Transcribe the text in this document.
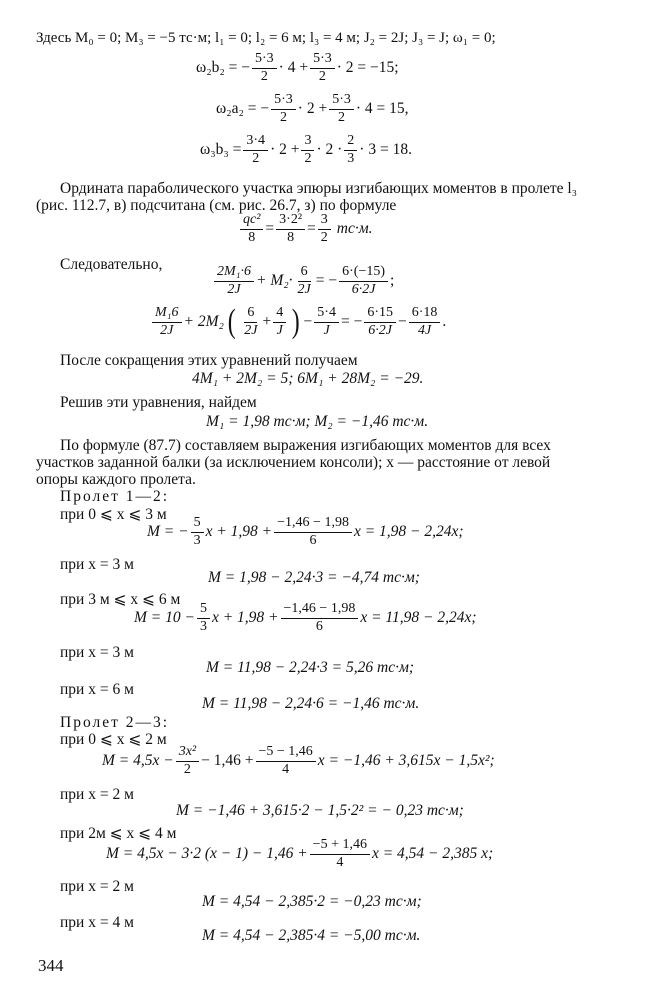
Здесь M₀ = 0; M₃ = −5 тс·м; l₁ = 0; l₂ = 6 м; l₃ = 4 м; J₂ = 2J; J₃ = J; ω₁ = 0;
ω₂b₂ = − $\frac{5\cdot 3}{2} \cdot 4 + \frac{5\cdot 3}{2} \cdot 2 = -15$;
ω₂a₂ = − $\frac{5\cdot 3}{2} \cdot 2 + \frac{5\cdot 3}{2} \cdot 4 = 15$,
$\omega_3b_3 = \frac{3\cdot 4}{2} \cdot 2 + \frac{3}{2} \cdot 2 \cdot \frac{2}{3} \cdot 3 = 18$.
Ордината параболического участка эпюры изгибающих моментов в пролете l₃
(рис. 112.7, в) подсчитана (см. рис. 26.7, з) по формуле
$\frac{\text{qc²}}{8} = \frac{\text{3·2²}}{8} = \frac{3}{2} тс\cdot м$.
Следовательно,
$\frac{\text{2M₁·6}}{2J} + M_2\cdot \frac{6}{2J}$ = − $\frac{6\cdot(-15)}{6\cdot 2J}$ ;
$\frac{\text{M₁6}}{2J} + 2M_2$ ( $\frac{6}{2J} + \frac{4}{J}$ ) − $\frac{5\cdot 4}{J}$ = − $\frac{6\cdot 15}{6\cdot 2J} - \frac{6\cdot 18}{4J}$ .
После сокращения этих уравнений получаем
4M₁ + 2M₂ = 5; 6M₁ + 28M₂ = −29.
Решив эти уравнения, найдем
M₁ = 1,98 тс·м; M₂ = −1,46 тс·м.
По формуле (87.7) составляем выражения изгибающих моментов для всех
участков заданной балки (за исключением консоли); x — расстояние от левой
опоры каждого пролета.
Пролет 1—2:
при 0 ⩽ x ⩽ 3 м
M = − $\frac{5}{3}$ $x + 1,98 + \frac{-1,46 - 1,98}{6}$ x = 1,98 − 2,24x;
при x = 3 м
M = 1,98 − 2,24·3 = −4,74 тс·м;
при 3 м ⩽ x ⩽ 6 м
$M = 10 - \frac{5}{3}$ $x + 1,98 + \frac{-1,46 - 1,98}{6}$ x = 11,98 − 2,24x;
при x = 3 м
M = 11,98 − 2,24·3 = 5,26 тс·м;
при x = 6 м
M = 11,98 − 2,24·6 = −1,46 тс·м.
Пролет 2—3:
при 0 ⩽ x ⩽ 2 м
$M = 4,5x - \frac{\text{3x²}}{2} - 1,46 + \frac{-5 - 1,46}{4}$ x = −1,46 + 3,615x − 1,5x²;
при x = 2 м
M = −1,46 + 3,615·2 − 1,5·2² = − 0,23 тс·м;
при 2м ⩽ x ⩽ 4 м
M = 4,5x − 3·2 $(x - 1) - 1,46 + \frac{-5 + 1,46}{4}$ x = 4,54 − 2,385 x;
при x = 2 м
M = 4,54 − 2,385·2 = −0,23 тс·м;
при x = 4 м
M = 4,54 − 2,385·4 = −5,00 тс·м.
344
